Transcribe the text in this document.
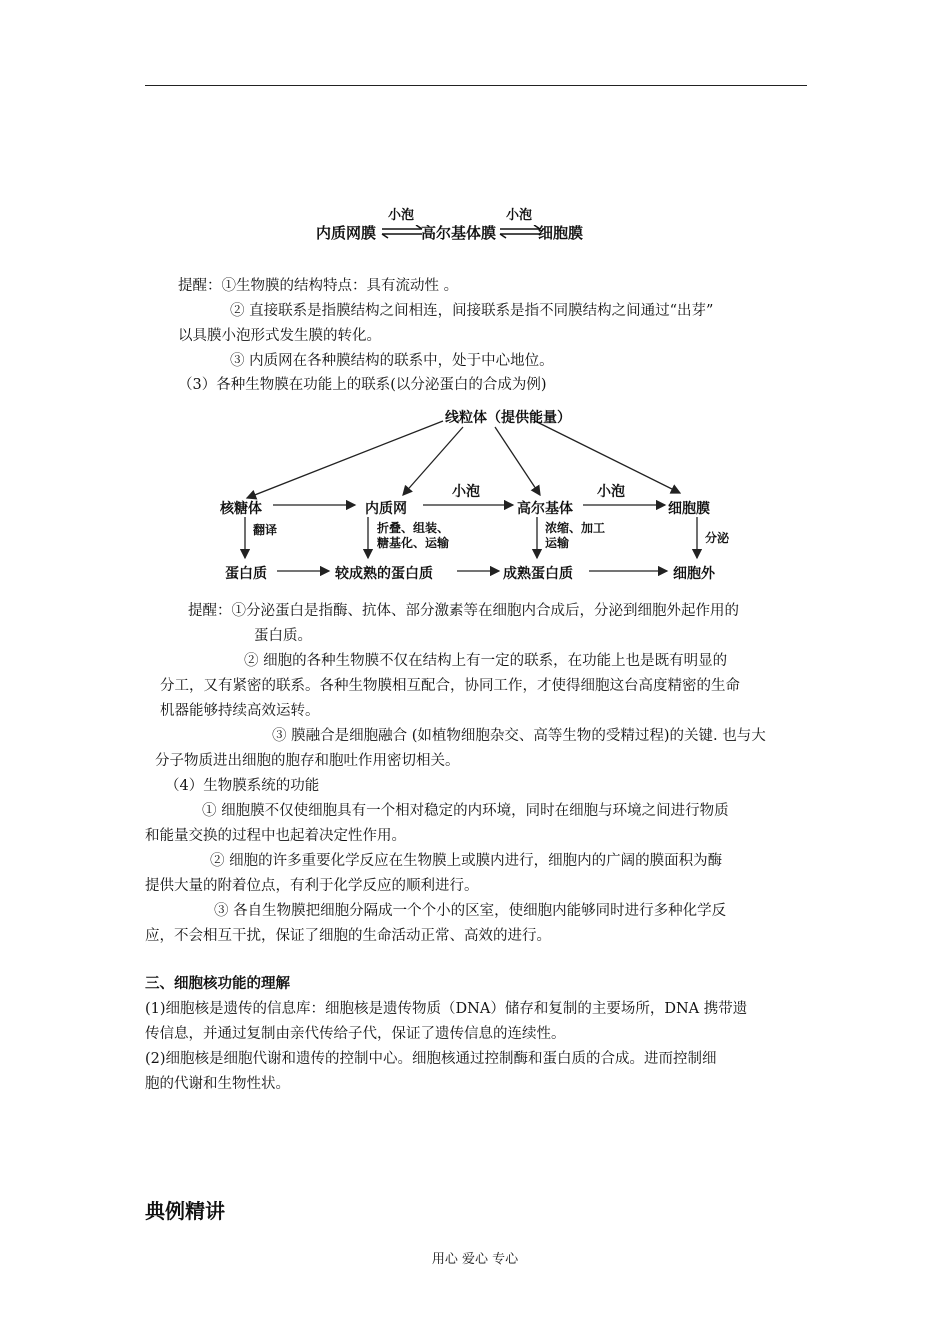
内质网膜
小泡
高尔基体膜
小泡
细胞膜
提醒：①生物膜的结构特点：具有流动性 。
② 直接联系是指膜结构之间相连，间接联系是指不同膜结构之间通过“出芽”
以具膜小泡形式发生膜的转化。
③ 内质网在各种膜结构的联系中，处于中心地位。
（3）各种生物膜在功能上的联系(以分泌蛋白的合成为例)
线粒体（提供能量）
核糖体	内质网	高尔基体	细胞膜
小泡	小泡
翻译	折叠、组装、
糖基化、运输
浓缩、加工
运输	分泌
蛋白质	较成熟的蛋白质	成熟蛋白质	细胞外
提醒：①分泌蛋白是指酶、抗体、部分激素等在细胞内合成后，分泌到细胞外起作用的
蛋白质。
② 细胞的各种生物膜不仅在结构上有一定的联系，在功能上也是既有明显的
分工，又有紧密的联系。各种生物膜相互配合，协同工作，才使得细胞这台高度精密的生命
机器能够持续高效运转。
③ 膜融合是细胞融合 (如植物细胞杂交、高等生物的受精过程)的关键. 也与大
分子物质进出细胞的胞存和胞吐作用密切相关。
（4）生物膜系统的功能
① 细胞膜不仅使细胞具有一个相对稳定的内环境，同时在细胞与环境之间进行物质
和能量交换的过程中也起着决定性作用。
② 细胞的许多重要化学反应在生物膜上或膜内进行，细胞内的广阔的膜面积为酶
提供大量的附着位点，有利于化学反应的顺利进行。
③ 各自生物膜把细胞分隔成一个个小的区室，使细胞内能够同时进行多种化学反
应，不会相互干扰，保证了细胞的生命活动正常、高效的进行。
三、细胞核功能的理解
(1)细胞核是遗传的信息库：细胞核是遗传物质（DNA）储存和复制的主要场所，DNA 携带遗
传信息，并通过复制由亲代传给子代，保证了遗传信息的连续性。
(2)细胞核是细胞代谢和遗传的控制中心。细胞核通过控制酶和蛋白质的合成。进而控制细
胞的代谢和生物性状。
典例精讲
用心 爱心 专心
